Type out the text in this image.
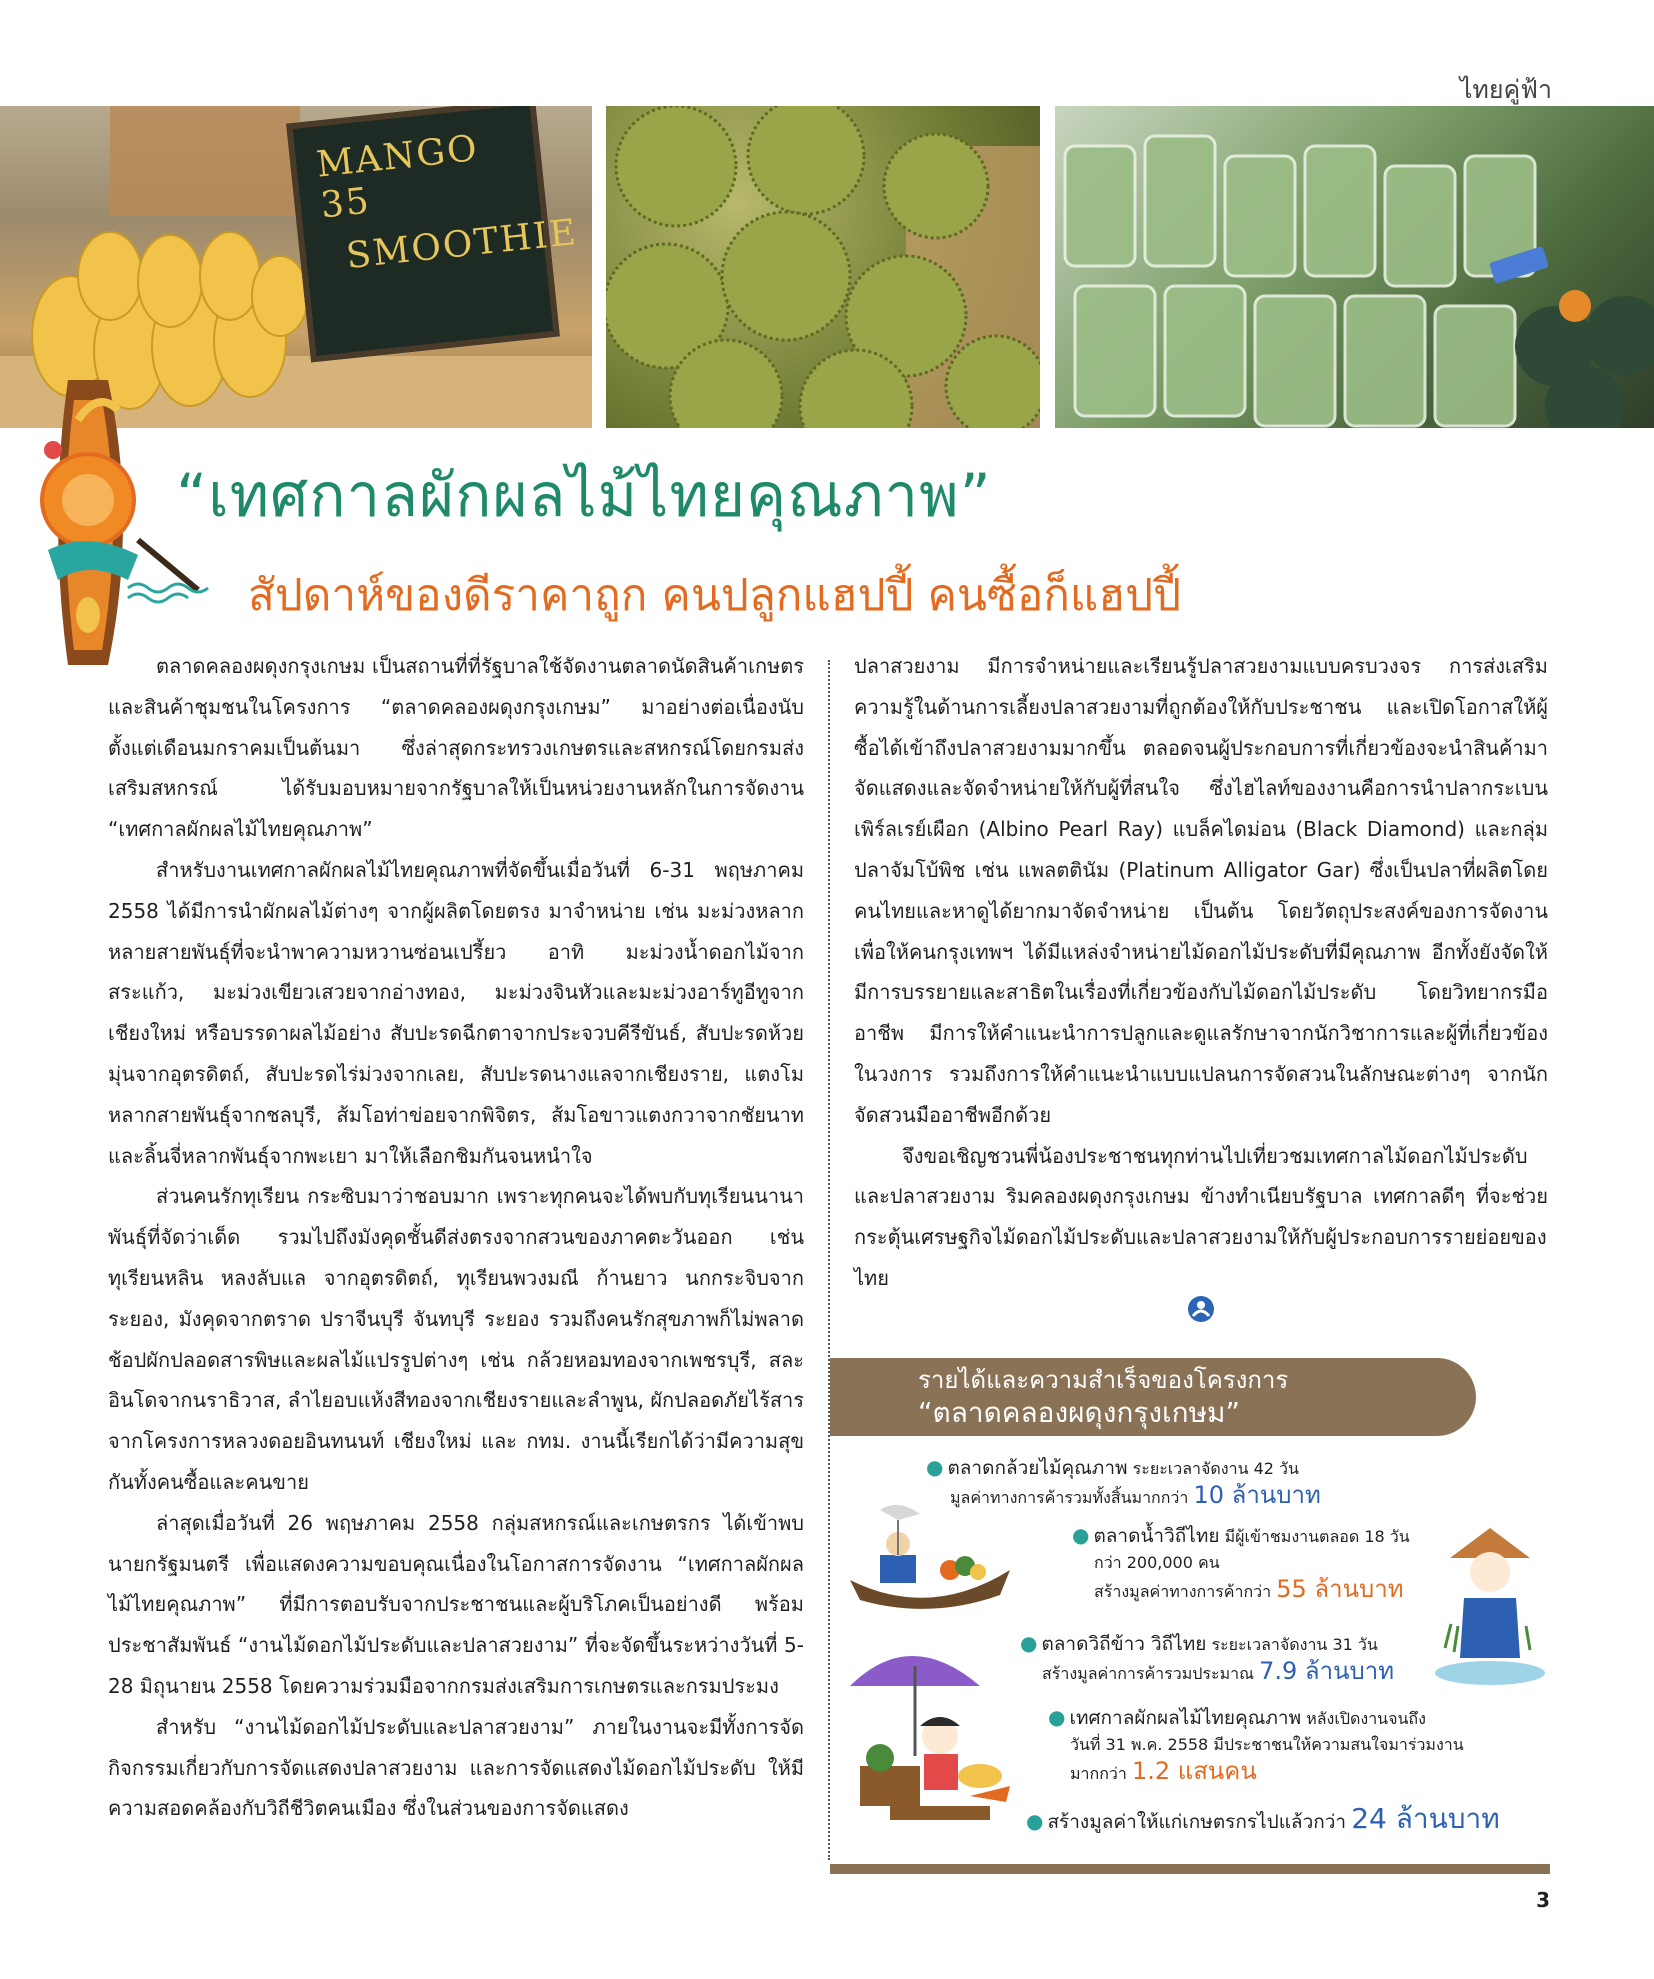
ไทยคู่ฟ้า
MANGO 35
SMOOTHIE
“เทศกาลผักผลไม้ไทยคุณภาพ”
สัปดาห์ของดีราคาถูก คนปลูกแฮปปี้ คนซื้อก็แฮปปี้

ตลาดคลองผดุงกรุงเกษม เป็นสถานที่ที่รัฐบาลใช้จัดงานตลาดนัดสินค้าเกษตรและสินค้าชุมชนในโครงการ “ตลาดคลองผดุงกรุงเกษม” มาอย่างต่อเนื่องนับตั้งแต่เดือนมกราคมเป็นต้นมา ซึ่งล่าสุดกระทรวงเกษตรและสหกรณ์โดยกรมส่งเสริมสหกรณ์ ได้รับมอบหมายจากรัฐบาลให้เป็นหน่วยงานหลักในการจัดงาน “เทศกาลผักผลไม้ไทยคุณภาพ”

สำหรับงานเทศกาลผักผลไม้ไทยคุณภาพที่จัดขึ้นเมื่อวันที่ 6-31 พฤษภาคม 2558 ได้มีการนำผักผลไม้ต่างๆ จากผู้ผลิตโดยตรง มาจำหน่าย เช่น มะม่วงหลากหลายสายพันธุ์ที่จะนำพาความหวานซ่อนเปรี้ยว อาทิ มะม่วงน้ำดอกไม้จากสระแก้ว, มะม่วงเขียวเสวยจากอ่างทอง, มะม่วงจินหัวและมะม่วงอาร์ทูอีทูจากเชียงใหม่ หรือบรรดาผลไม้อย่าง สับปะรดฉีกตาจากประจวบคีรีขันธ์, สับปะรดห้วยมุ่นจากอุตรดิตถ์, สับปะรดไร่ม่วงจากเลย, สับปะรดนางแลจากเชียงราย, แตงโมหลากสายพันธุ์จากชลบุรี, ส้มโอท่าข่อยจากพิจิตร, ส้มโอขาวแตงกวาจากชัยนาท และลิ้นจี่หลากพันธุ์จากพะเยา มาให้เลือกชิมกันจนหนำใจ

ส่วนคนรักทุเรียน กระซิบมาว่าชอบมาก เพราะทุกคนจะได้พบกับทุเรียนนานาพันธุ์ที่จัดว่าเด็ด รวมไปถึงมังคุดชั้นดีส่งตรงจากสวนของภาคตะวันออก เช่น ทุเรียนหลิน หลงลับแล จากอุตรดิตถ์, ทุเรียนพวงมณี ก้านยาว นกกระจิบจากระยอง, มังคุดจากตราด ปราจีนบุรี จันทบุรี ระยอง รวมถึงคนรักสุขภาพก็ไม่พลาดช้อปผักปลอดสารพิษและผลไม้แปรรูปต่างๆ เช่น กล้วยหอมทองจากเพชรบุรี, สละอินโดจากนราธิวาส, ลำไยอบแห้งสีทองจากเชียงรายและลำพูน, ผักปลอดภัยไร้สารจากโครงการหลวงดอยอินทนนท์ เชียงใหม่ และ กทม. งานนี้เรียกได้ว่ามีความสุขกันทั้งคนซื้อและคนขาย

ล่าสุดเมื่อวันที่ 26 พฤษภาคม 2558 กลุ่มสหกรณ์และเกษตรกร ได้เข้าพบนายกรัฐมนตรี เพื่อแสดงความขอบคุณเนื่องในโอกาสการจัดงาน “เทศกาลผักผลไม้ไทยคุณภาพ” ที่มีการตอบรับจากประชาชนและผู้บริโภคเป็นอย่างดี พร้อมประชาสัมพันธ์ “งานไม้ดอกไม้ประดับและปลาสวยงาม” ที่จะจัดขึ้นระหว่างวันที่ 5-28 มิถุนายน 2558 โดยความร่วมมือจากกรมส่งเสริมการเกษตรและกรมประมง

สำหรับ “งานไม้ดอกไม้ประดับและปลาสวยงาม” ภายในงานจะมีทั้งการจัดกิจกรรมเกี่ยวกับการจัดแสดงปลาสวยงาม และการจัดแสดงไม้ดอกไม้ประดับ ให้มีความสอดคล้องกับวิถีชีวิตคนเมือง ซึ่งในส่วนของการจัดแสดง

ปลาสวยงาม มีการจำหน่ายและเรียนรู้ปลาสวยงามแบบครบวงจร การส่งเสริมความรู้ในด้านการเลี้ยงปลาสวยงามที่ถูกต้องให้กับประชาชน และเปิดโอกาสให้ผู้ซื้อได้เข้าถึงปลาสวยงามมากขึ้น ตลอดจนผู้ประกอบการที่เกี่ยวข้องจะนำสินค้ามาจัดแสดงและจัดจำหน่ายให้กับผู้ที่สนใจ ซึ่งไฮไลท์ของงานคือการนำปลากระเบนเพิร์ลเรย์เผือก (Albino Pearl Ray) แบล็คไดม่อน (Black Diamond) และกลุ่มปลาจัมโบ้พิช เช่น แพลตตินัม (Platinum Alligator Gar) ซึ่งเป็นปลาที่ผลิตโดยคนไทยและหาดูได้ยากมาจัดจำหน่าย เป็นต้น โดยวัตถุประสงค์ของการจัดงาน เพื่อให้คนกรุงเทพฯ ได้มีแหล่งจำหน่ายไม้ดอกไม้ประดับที่มีคุณภาพ อีกทั้งยังจัดให้มีการบรรยายและสาธิตในเรื่องที่เกี่ยวข้องกับไม้ดอกไม้ประดับ โดยวิทยากรมืออาชีพ มีการให้คำแนะนำการปลูกและดูแลรักษาจากนักวิชาการและผู้ที่เกี่ยวข้องในวงการ รวมถึงการให้คำแนะนำแบบแปลนการจัดสวนในลักษณะต่างๆ จากนักจัดสวนมืออาชีพอีกด้วย

จึงขอเชิญชวนพี่น้องประชาชนทุกท่านไปเที่ยวชมเทศกาลไม้ดอกไม้ประดับและปลาสวยงาม ริมคลองผดุงกรุงเกษม ข้างทำเนียบรัฐบาล เทศกาลดีๆ ที่จะช่วยกระตุ้นเศรษฐกิจไม้ดอกไม้ประดับและปลาสวยงามให้กับผู้ประกอบการรายย่อยของไทย

รายได้และความสำเร็จของโครงการ
“ตลาดคลองผดุงกรุงเกษม”
● ตลาดกล้วยไม้คุณภาพ ระยะเวลาจัดงาน 42 วัน
มูลค่าทางการค้ารวมทั้งสิ้นมากกว่า 10 ล้านบาท
● ตลาดน้ำวิถีไทย มีผู้เข้าชมงานตลอด 18 วัน
กว่า 200,000 คน
สร้างมูลค่าทางการค้ากว่า 55 ล้านบาท
● ตลาดวิถีข้าว วิถีไทย ระยะเวลาจัดงาน 31 วัน
สร้างมูลค่าการค้ารวมประมาณ 7.9 ล้านบาท
● เทศกาลผักผลไม้ไทยคุณภาพ หลังเปิดงานจนถึง
วันที่ 31 พ.ค. 2558 มีประชาชนให้ความสนใจมาร่วมงาน
มากกว่า 1.2 แสนคน
● สร้างมูลค่าให้แก่เกษตรกรไปแล้วกว่า 24 ล้านบาท
3
